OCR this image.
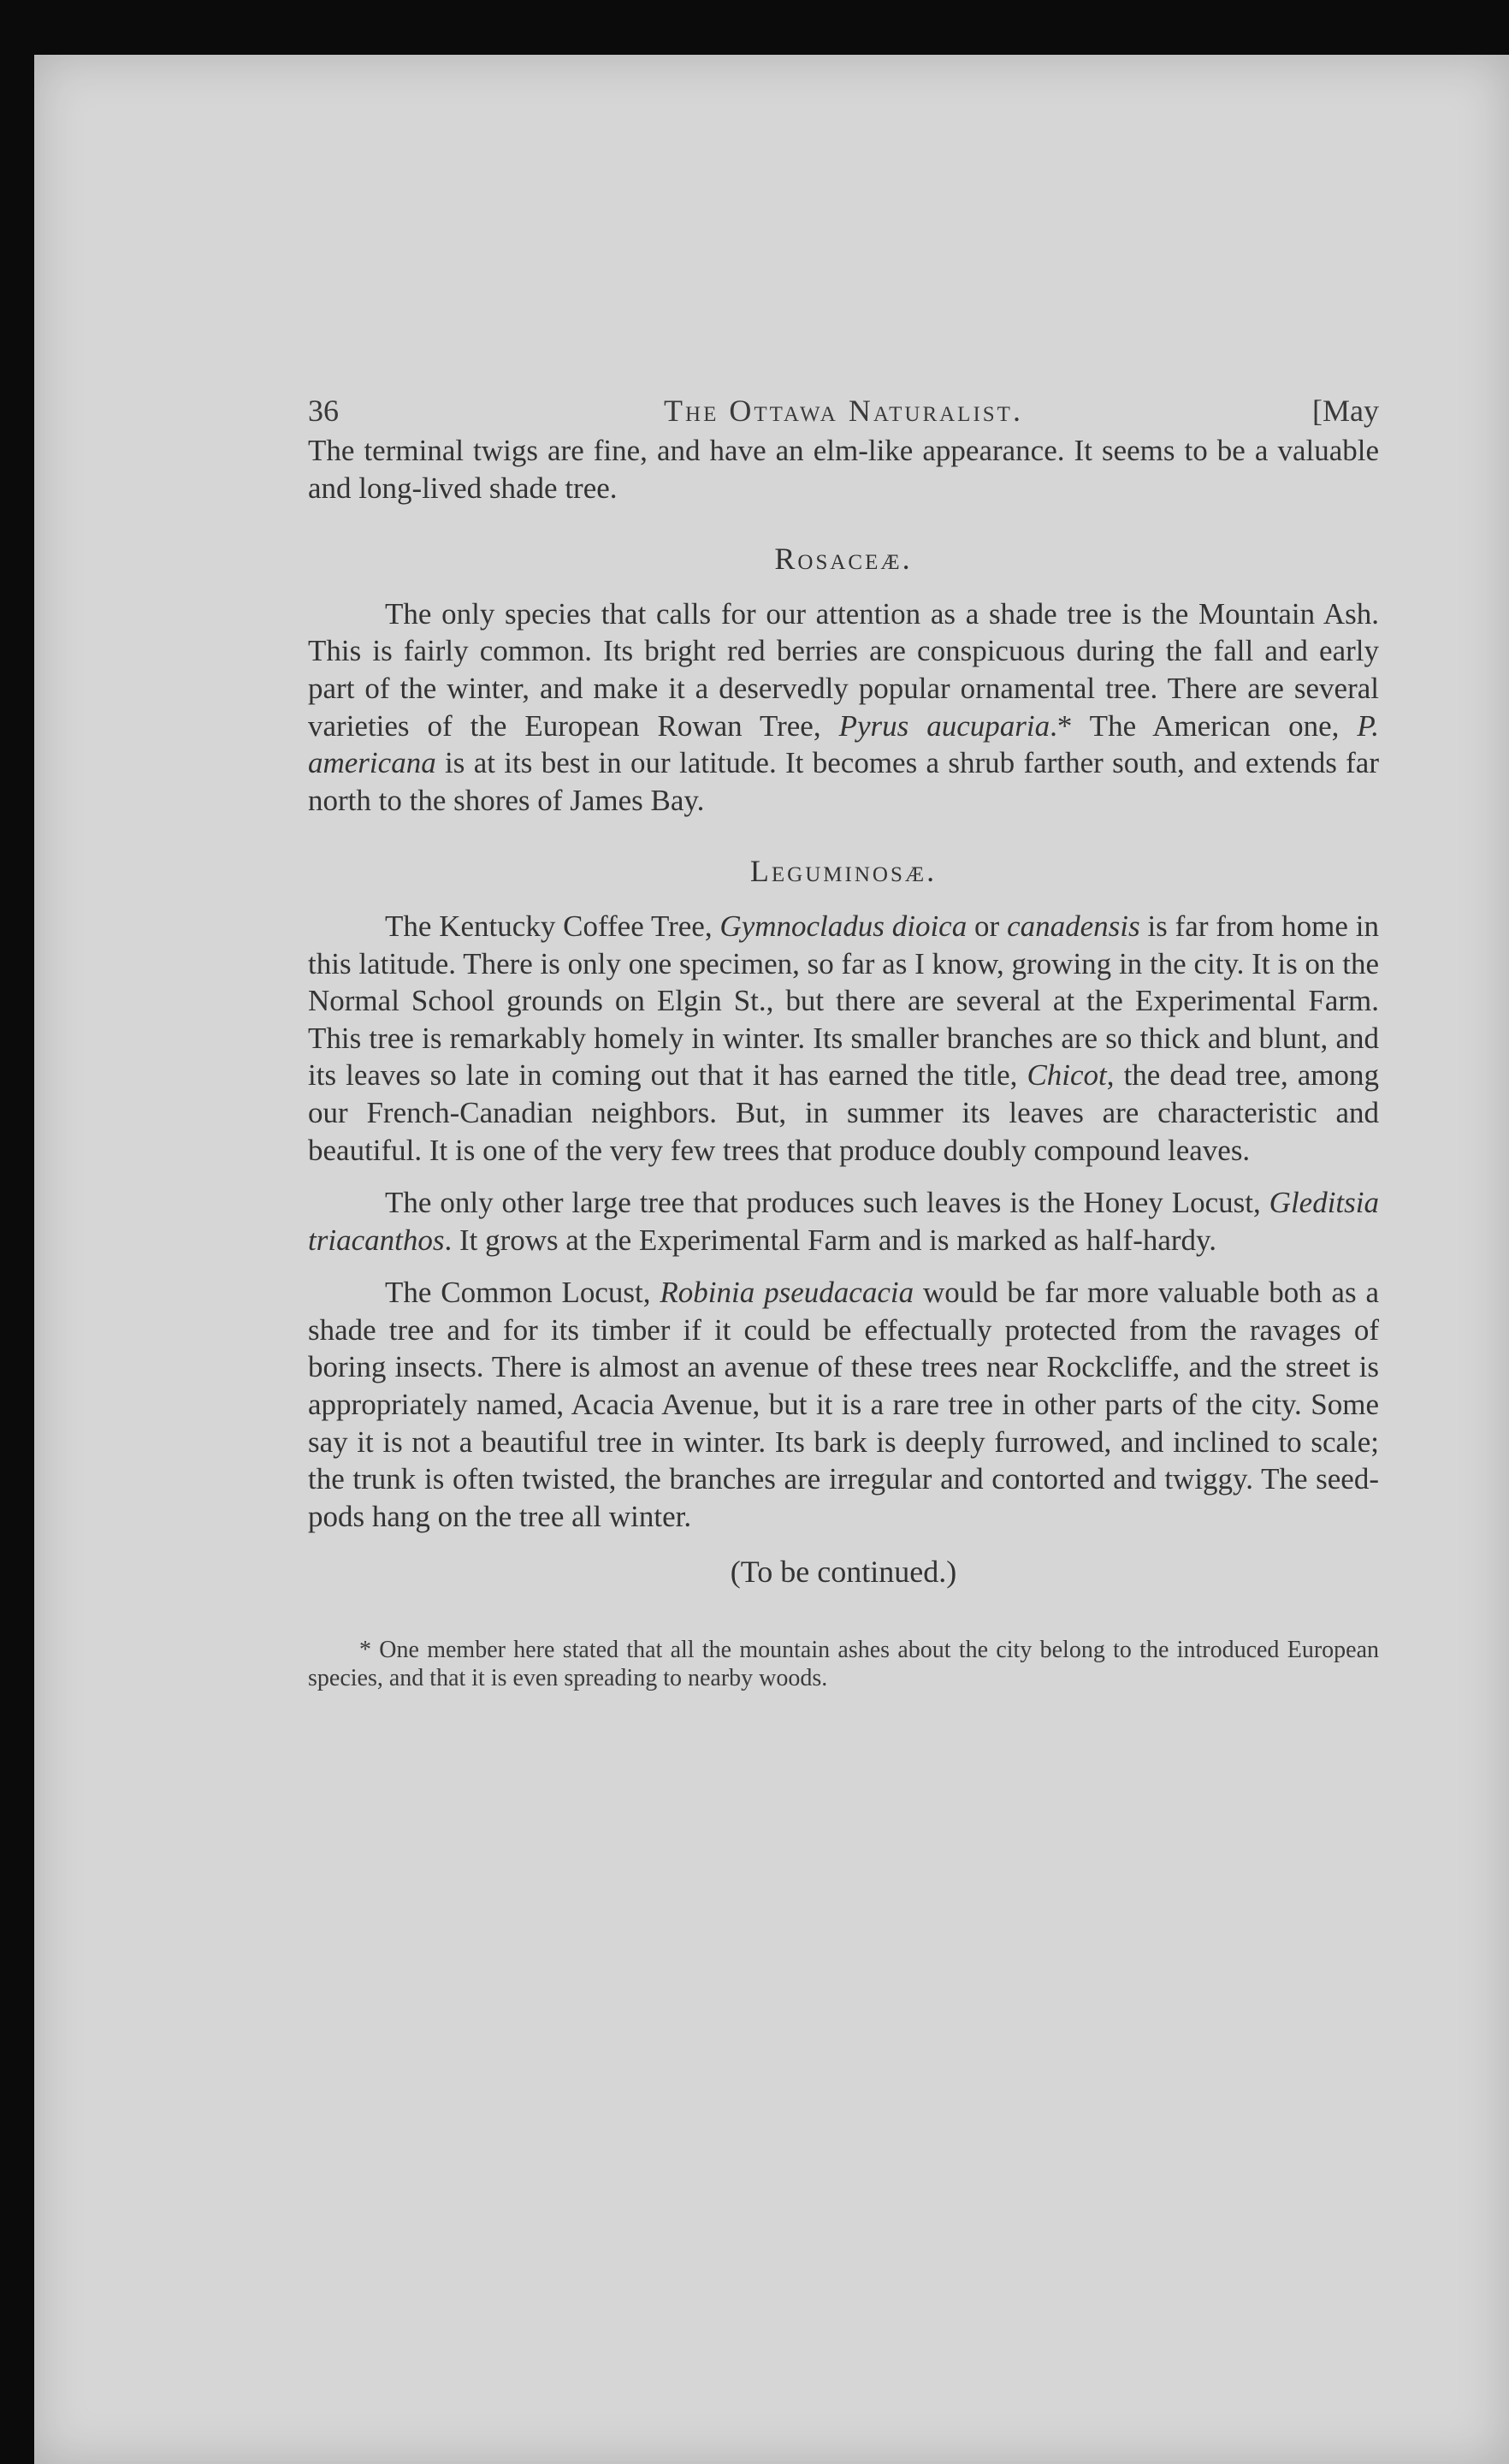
36	The Ottawa Naturalist.	[May

The terminal twigs are fine, and have an elm-like appearance. It seems to be a valuable and long-lived shade tree.

Rosaceæ.

The only species that calls for our attention as a shade tree is the Mountain Ash. This is fairly common. Its bright red berries are conspicuous during the fall and early part of the winter, and make it a deservedly popular ornamental tree. There are several varieties of the European Rowan Tree, Pyrus aucuparia.* The American one, P. americana is at its best in our latitude. It becomes a shrub farther south, and extends far north to the shores of James Bay.

Leguminosæ.

The Kentucky Coffee Tree, Gymnocladus dioica or canadensis is far from home in this latitude. There is only one specimen, so far as I know, growing in the city. It is on the Normal School grounds on Elgin St., but there are several at the Experimental Farm. This tree is remarkably homely in winter. Its smaller branches are so thick and blunt, and its leaves so late in coming out that it has earned the title, Chicot, the dead tree, among our French-Canadian neighbors. But, in summer its leaves are characteristic and beautiful. It is one of the very few trees that produce doubly compound leaves.

The only other large tree that produces such leaves is the Honey Locust, Gleditsia triacanthos. It grows at the Experimental Farm and is marked as half-hardy.

The Common Locust, Robinia pseudacacia would be far more valuable both as a shade tree and for its timber if it could be effectually protected from the ravages of boring insects. There is almost an avenue of these trees near Rockcliffe, and the street is appropriately named, Acacia Avenue, but it is a rare tree in other parts of the city. Some say it is not a beautiful tree in winter. Its bark is deeply furrowed, and inclined to scale; the trunk is often twisted, the branches are irregular and contorted and twiggy. The seed-pods hang on the tree all winter.

(To be continued.)

* One member here stated that all the mountain ashes about the city belong to the introduced European species, and that it is even spreading to nearby woods.
